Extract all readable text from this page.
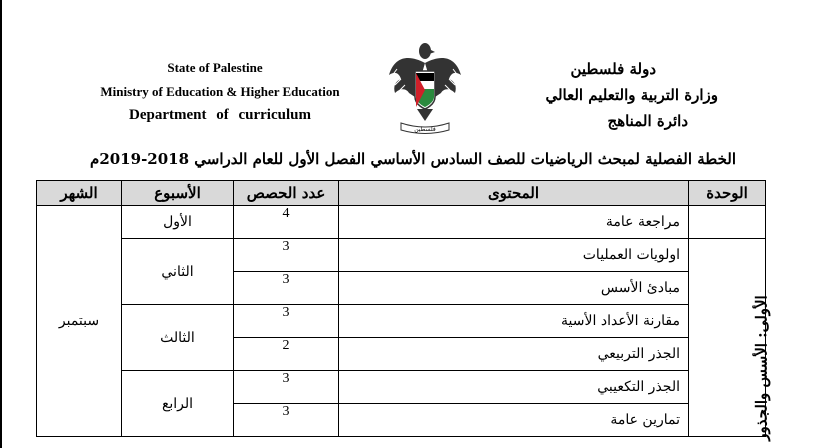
State of Palestine
Ministry of Education & Higher Education
Department of curriculum
فلسطين
دولة فلسطين
وزارة التربية والتعليم العالي
دائرة المناهج
الخطة الفصلية لمبحث الرياضيات للصف السادس الأساسي الفصل الأول للعام الدراسي 2018-2019م
الشهر	الأسبوع	عدد الحصص	المحتوى	الوحدة
سبتمبر	الأول	4	مراجعة عامة	
	الثاني	3	اولويات العمليات	الأولى: الأسس والجذور
		3	مبادئ الأسس	
	الثالث	3	مقارنة الأعداد الأسية	
		2	الجذر التربيعي	
	الرابع	3	الجذر التكعيبي	
		3	تمارين عامة	
